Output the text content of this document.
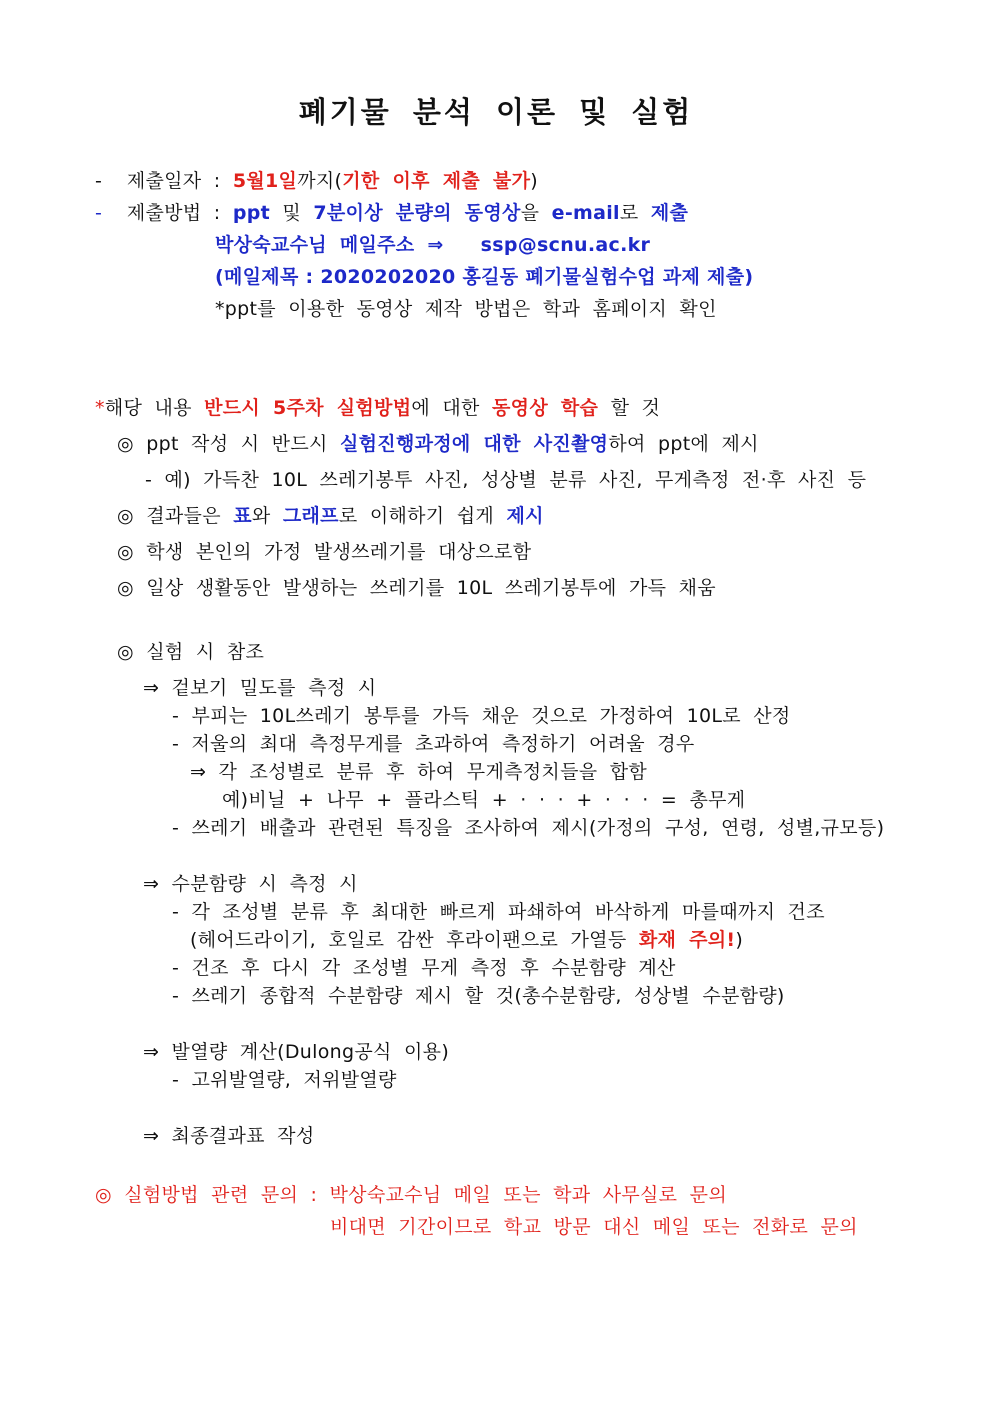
폐기물 분석 이론 및 실험
- 제출일자 : 5월1일까지(기한 이후 제출 불가)
- 제출방법 : ppt 및 7분이상 분량의 동영상을 e-mail로 제출
박상숙교수님 메일주소 ⇒ ssp@scnu.ac.kr
(메일제목 : 2020202020 홍길동 폐기물실험수업 과제 제출)
*ppt를 이용한 동영상 제작 방법은 학과 홈페이지 확인
*해당 내용 반드시 5주차 실험방법에 대한 동영상 학습 할 것
◎ ppt 작성 시 반드시 실험진행과정에 대한 사진촬영하여 ppt에 제시
- 예) 가득찬 10L 쓰레기봉투 사진, 성상별 분류 사진, 무게측정 전·후 사진 등
◎ 결과들은 표와 그래프로 이해하기 쉽게 제시
◎ 학생 본인의 가정 발생쓰레기를 대상으로함
◎ 일상 생활동안 발생하는 쓰레기를 10L 쓰레기봉투에 가득 채움
◎ 실험 시 참조
⇒ 겉보기 밀도를 측정 시
- 부피는 10L쓰레기 봉투를 가득 채운 것으로 가정하여 10L로 산정
- 저울의 최대 측정무게를 초과하여 측정하기 어려울 경우
⇒ 각 조성별로 분류 후 하여 무게측정치들을 합함
예)비닐 + 나무 + 플라스틱 + · · · + · · · = 총무게
- 쓰레기 배출과 관련된 특징을 조사하여 제시(가정의 구성, 연령, 성별,규모등)
⇒ 수분함량 시 측정 시
- 각 조성별 분류 후 최대한 빠르게 파쇄하여 바삭하게 마를때까지 건조
(헤어드라이기, 호일로 감싼 후라이팬으로 가열등 화재 주의!)
- 건조 후 다시 각 조성별 무게 측정 후 수분함량 계산
- 쓰레기 종합적 수분함량 제시 할 것(총수분함량, 성상별 수분함량)
⇒ 발열량 계산(Dulong공식 이용)
- 고위발열량, 저위발열량
⇒ 최종결과표 작성
◎ 실험방법 관련 문의 : 박상숙교수님 메일 또는 학과 사무실로 문의
비대면 기간이므로 학교 방문 대신 메일 또는 전화로 문의
